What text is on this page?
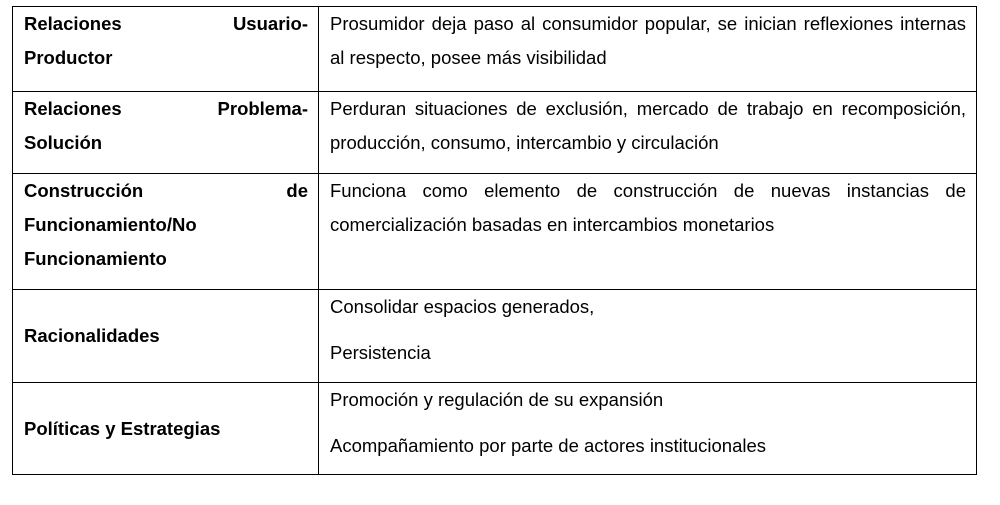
Relaciones Usuario-
Productor	Prosumidor deja paso al consumidor popular, se inician reflexiones internas al respecto, posee más visibilidad

Relaciones Problema-
Solución	Perduran situaciones de exclusión, mercado de trabajo en recomposición, producción, consumo, intercambio y circulación

Construcción de
Funcionamiento/No
Funcionamiento	Funciona como elemento de construcción de nuevas instancias de comercialización basadas en intercambios monetarios

Racionalidades	Consolidar espacios generados,
Persistencia

Políticas y Estrategias	Promoción y regulación de su expansión
Acompañamiento por parte de actores institucionales
